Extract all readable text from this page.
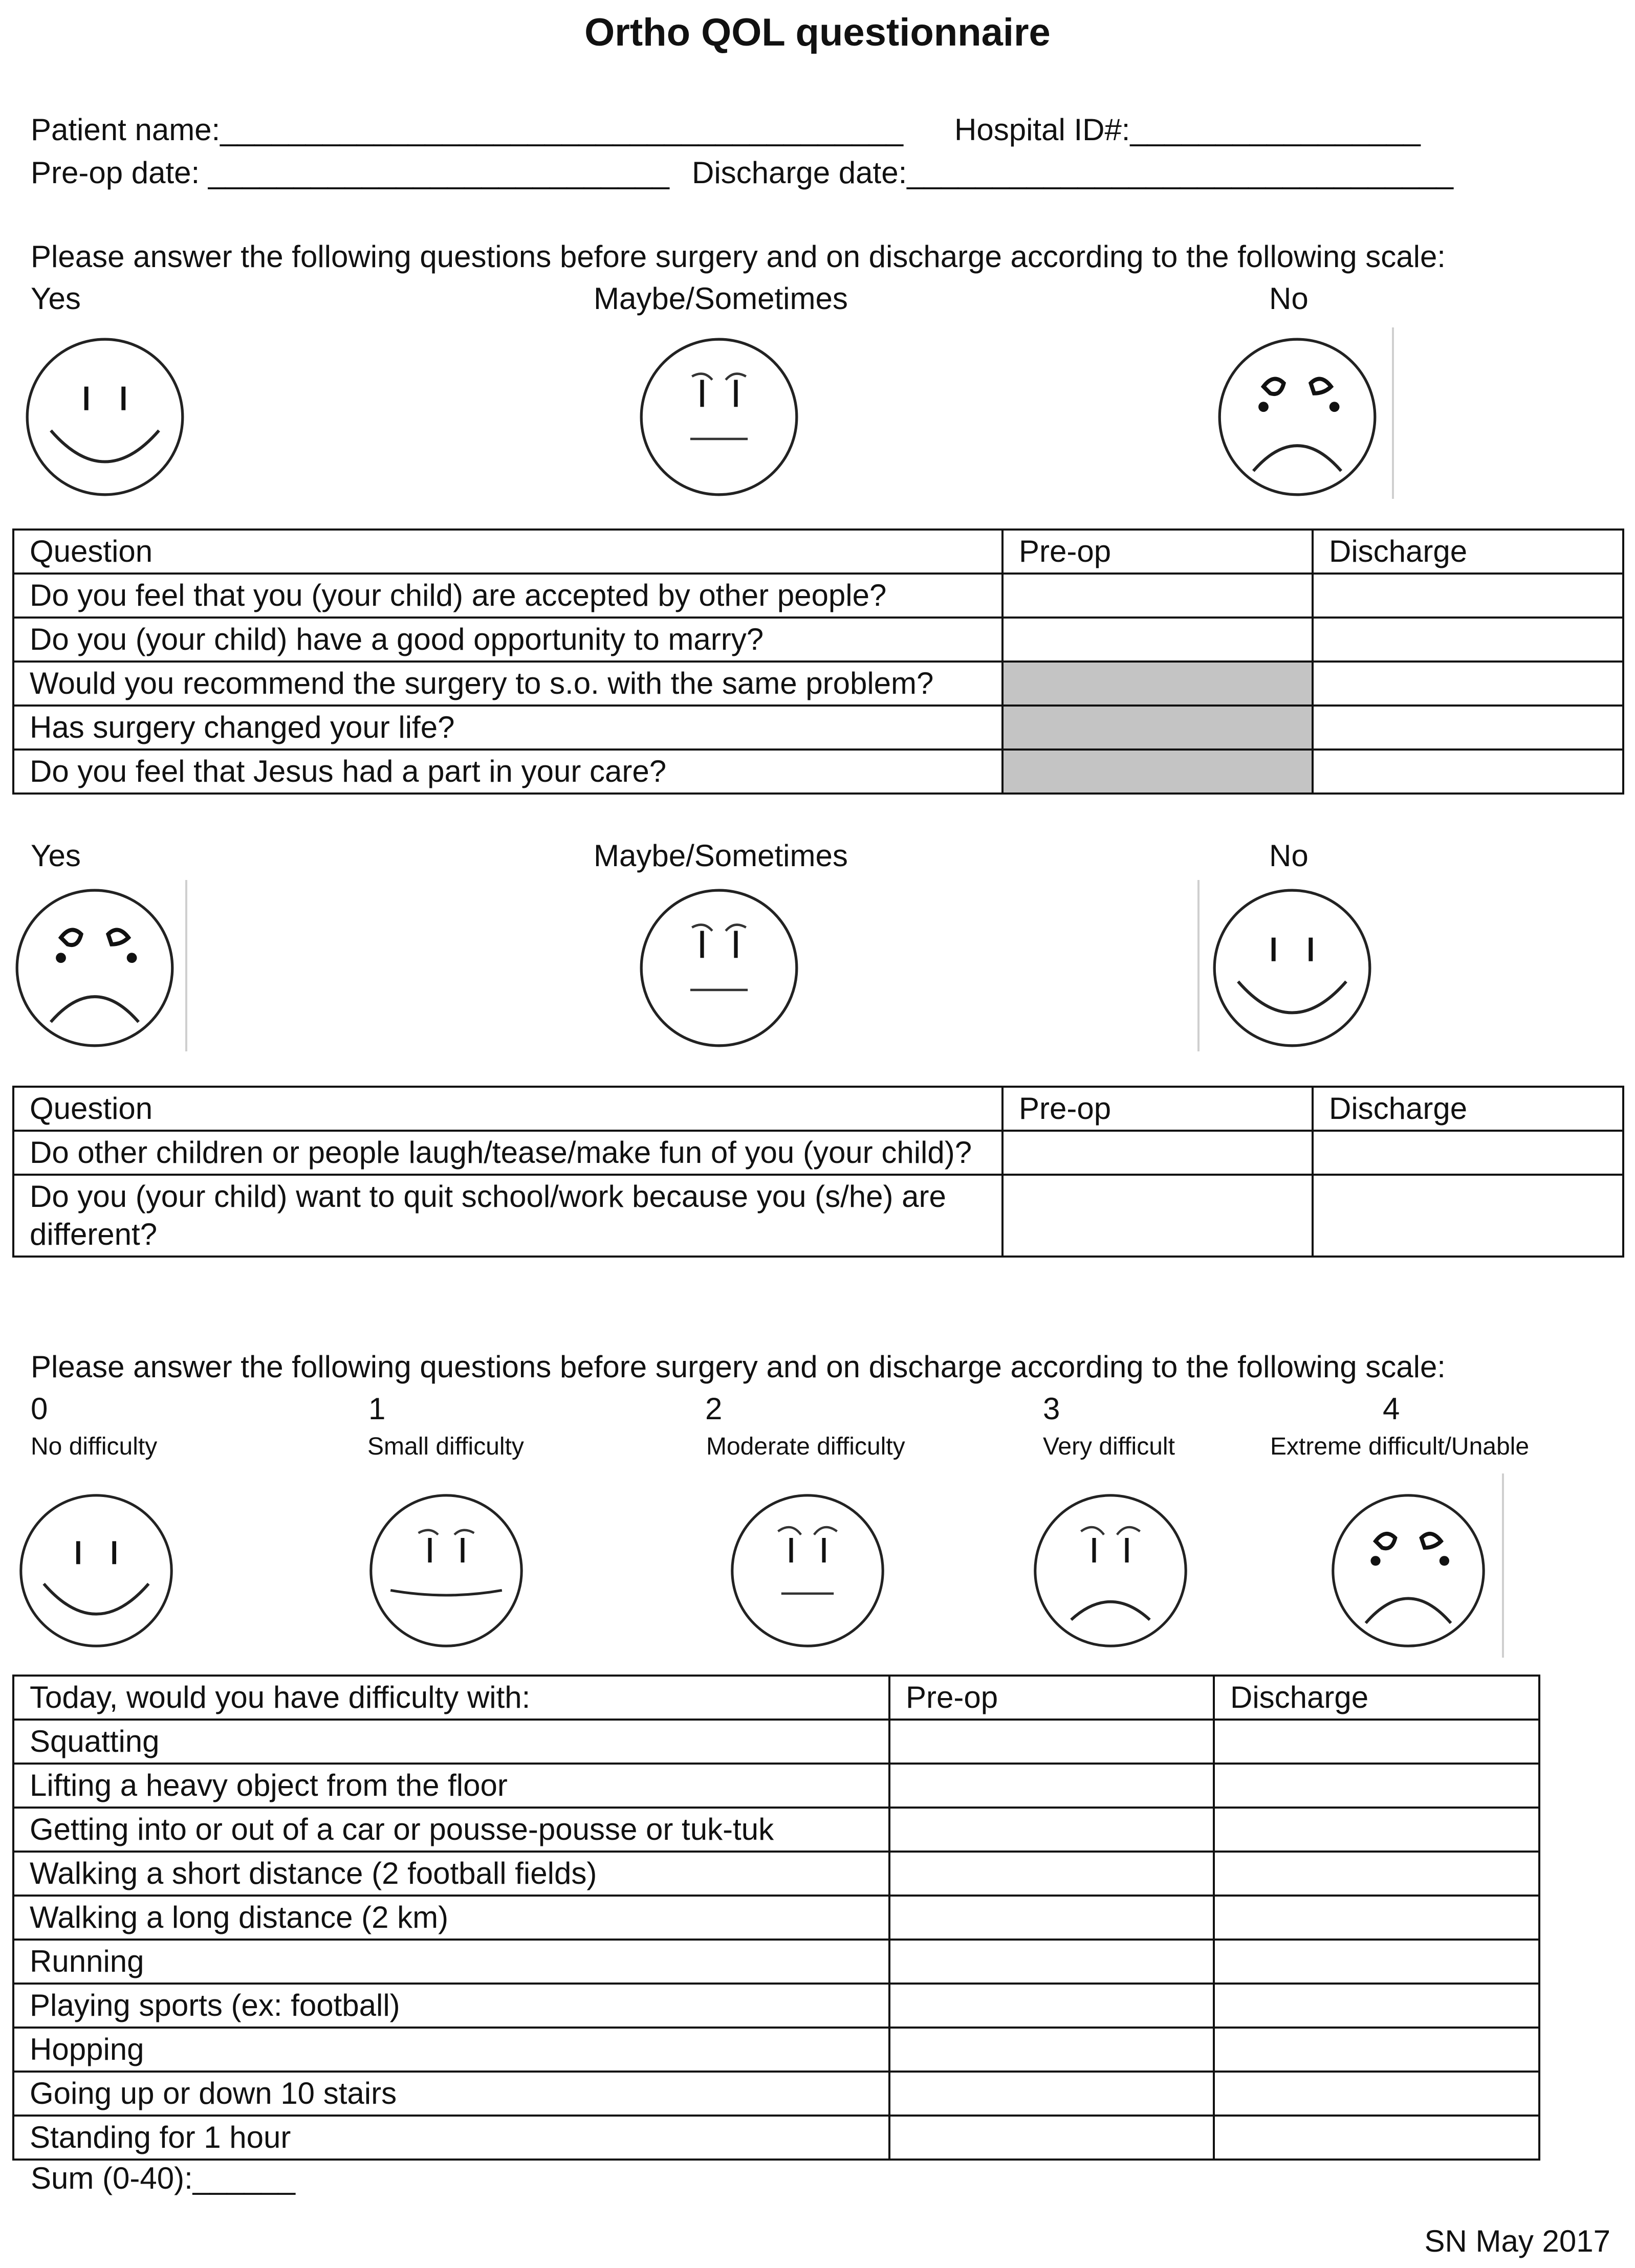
Ortho QOL questionnaire
Patient name:________________________________________ Hospital ID#:_________________
Pre-op date: ___________________________ Discharge date:________________________________
Please answer the following questions before surgery and on discharge according to the following scale:
Yes	Maybe/Sometimes	No
Question	Pre-op	Discharge
Do you feel that you (your child) are accepted by other people?		
Do you (your child) have a good opportunity to marry?		
Would you recommend the surgery to s.o. with the same problem?		
Has surgery changed your life?		
Do you feel that Jesus had a part in your care?		
Yes	Maybe/Sometimes	No
Question	Pre-op	Discharge
Do other children or people laugh/tease/make fun of you (your child)?		
Do you (your child) want to quit school/work because you (s/he) are different?		
Please answer the following questions before surgery and on discharge according to the following scale:
0	1	2	3	4
No difficulty	Small difficulty	Moderate difficulty	Very difficult	Extreme difficult/Unable
Today, would you have difficulty with:	Pre-op	Discharge
Squatting		
Lifting a heavy object from the floor		
Getting into or out of a car or pousse-pousse or tuk-tuk		
Walking a short distance (2 football fields)		
Walking a long distance (2 km)		
Running		
Playing sports (ex: football)		
Hopping		
Going up or down 10 stairs		
Standing for 1 hour		
Sum (0-40):______
SN May 2017
